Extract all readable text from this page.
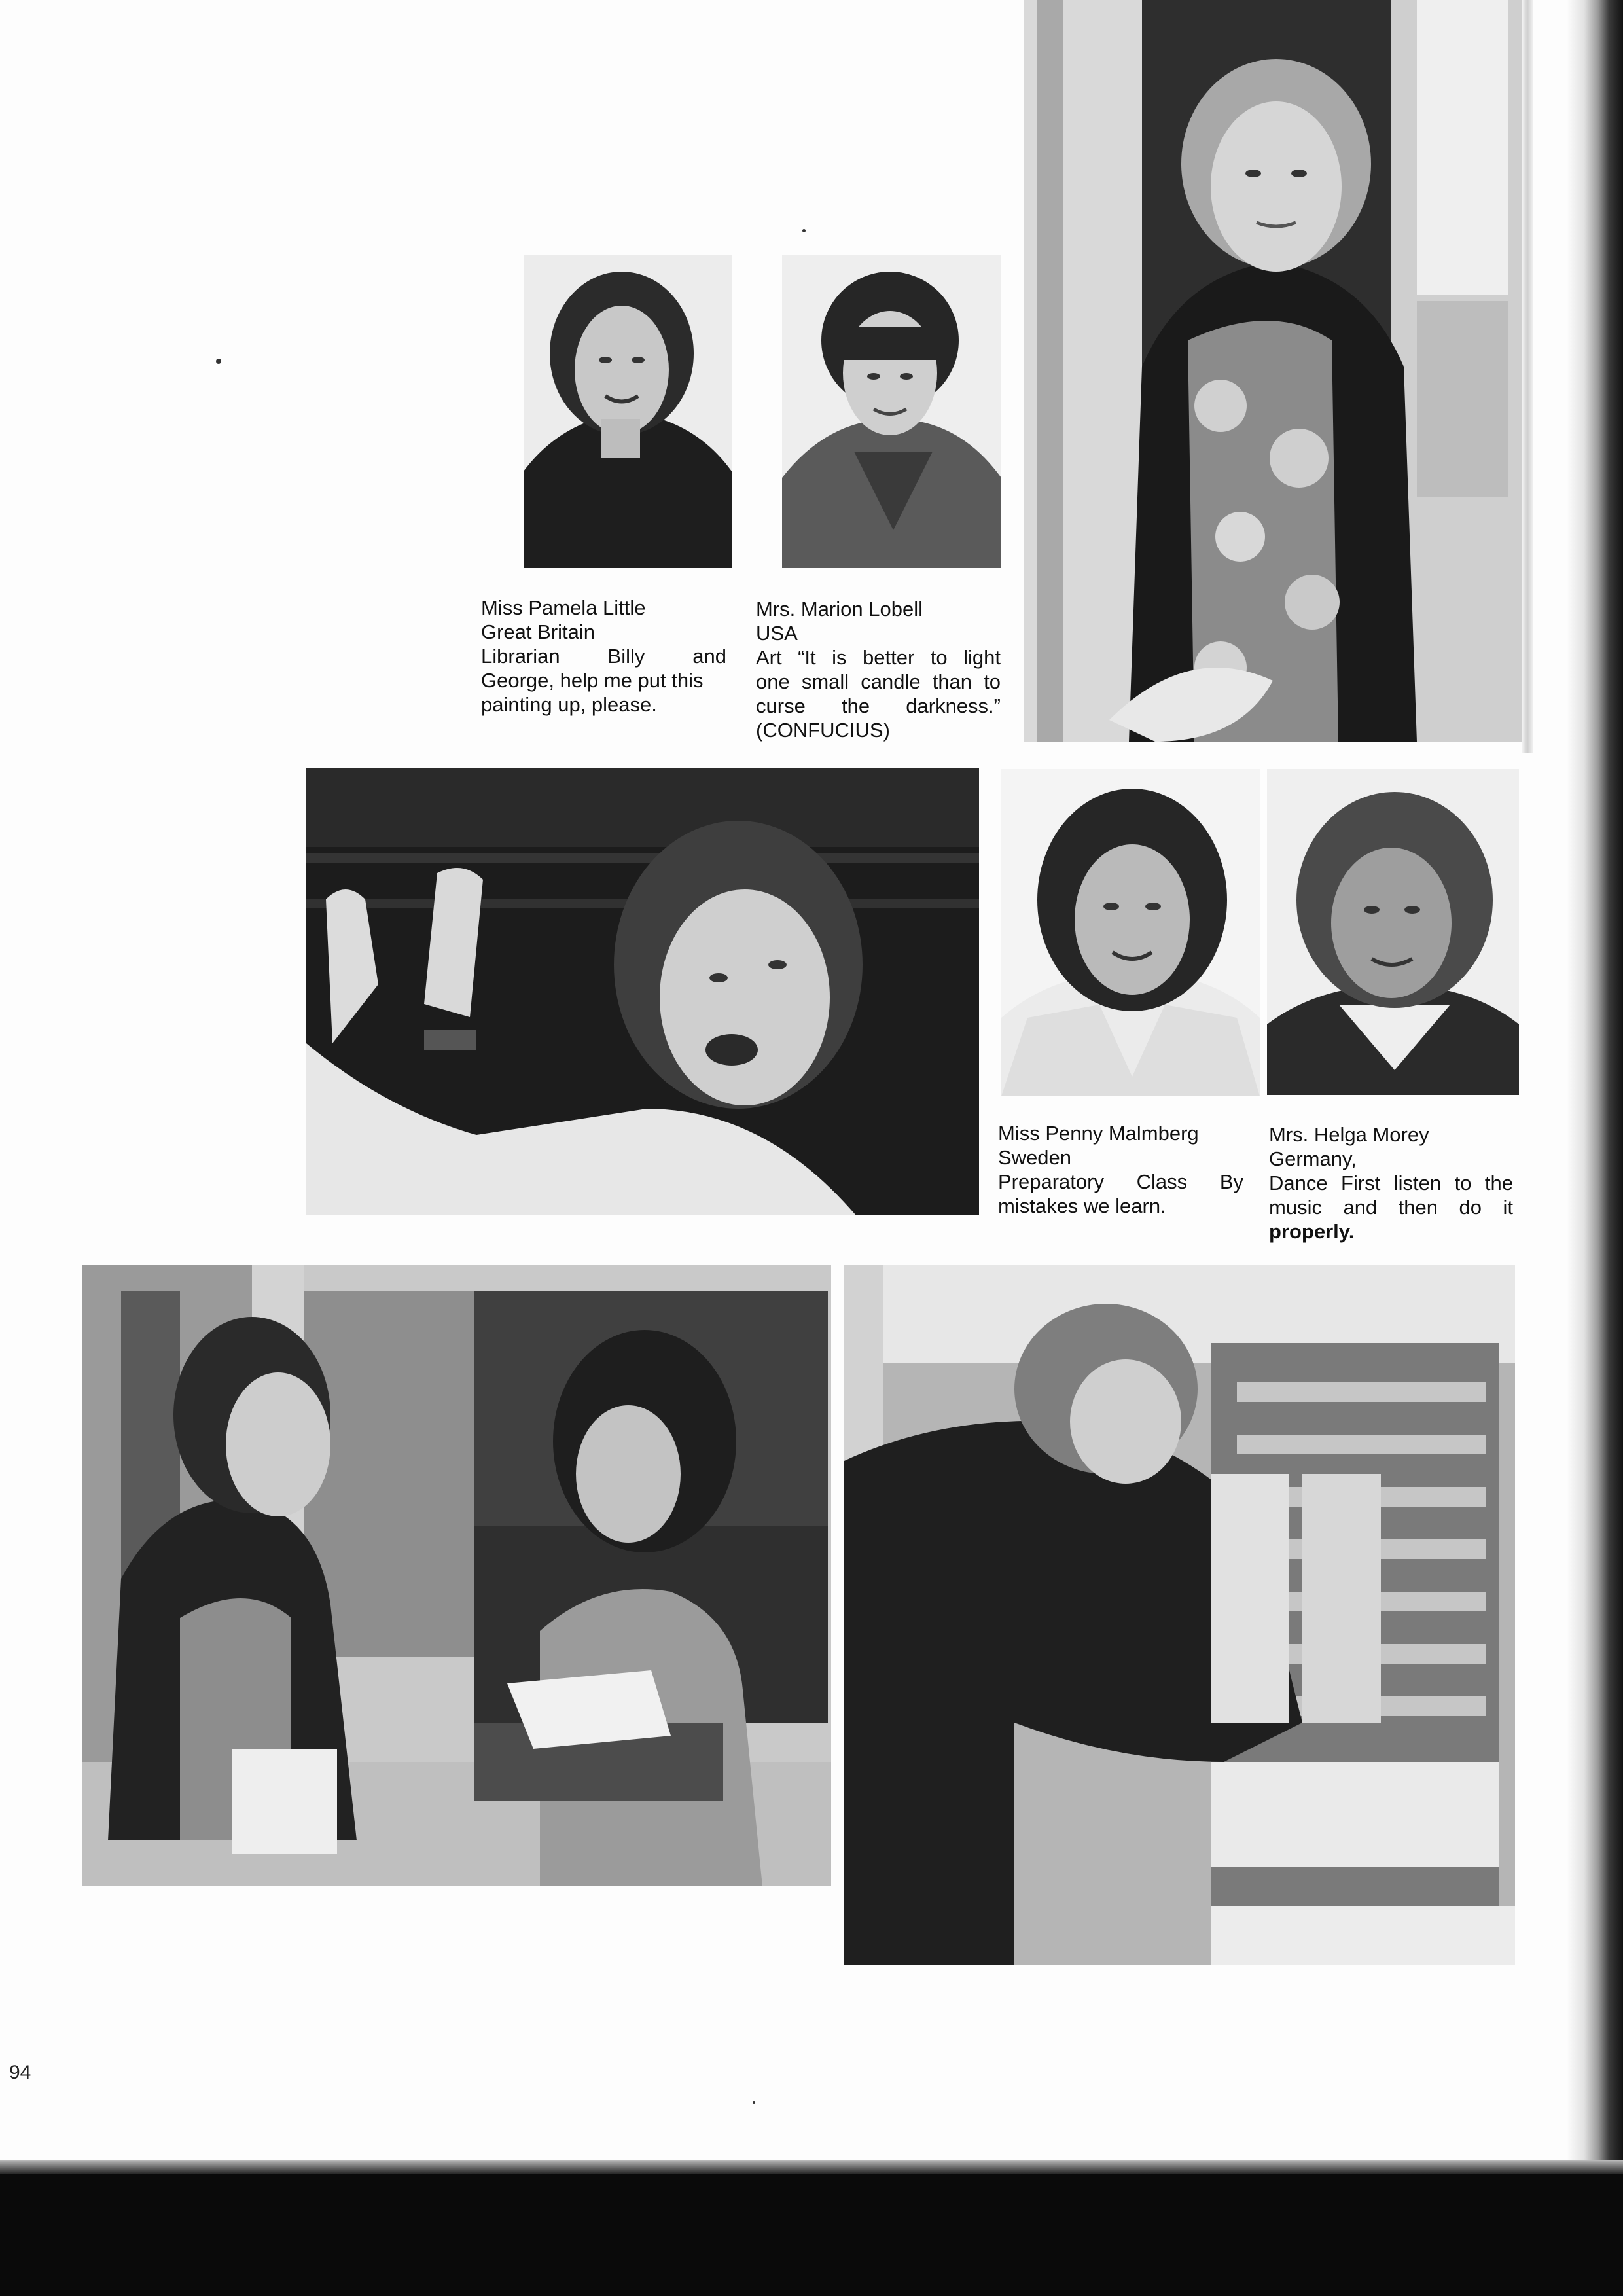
Miss Pamela Little
Great Britain
Librarian Billy and
George, help me put this
painting up, please.
Mrs. Marion Lobell
USA
Art “It is better to light
one small candle than to
curse the darkness.”
(CONFUCIUS)
Miss Penny Malmberg
Sweden
Preparatory Class By
mistakes we learn.
Mrs. Helga Morey
Germany,
Dance First listen to the
music and then do it
properly.
94
